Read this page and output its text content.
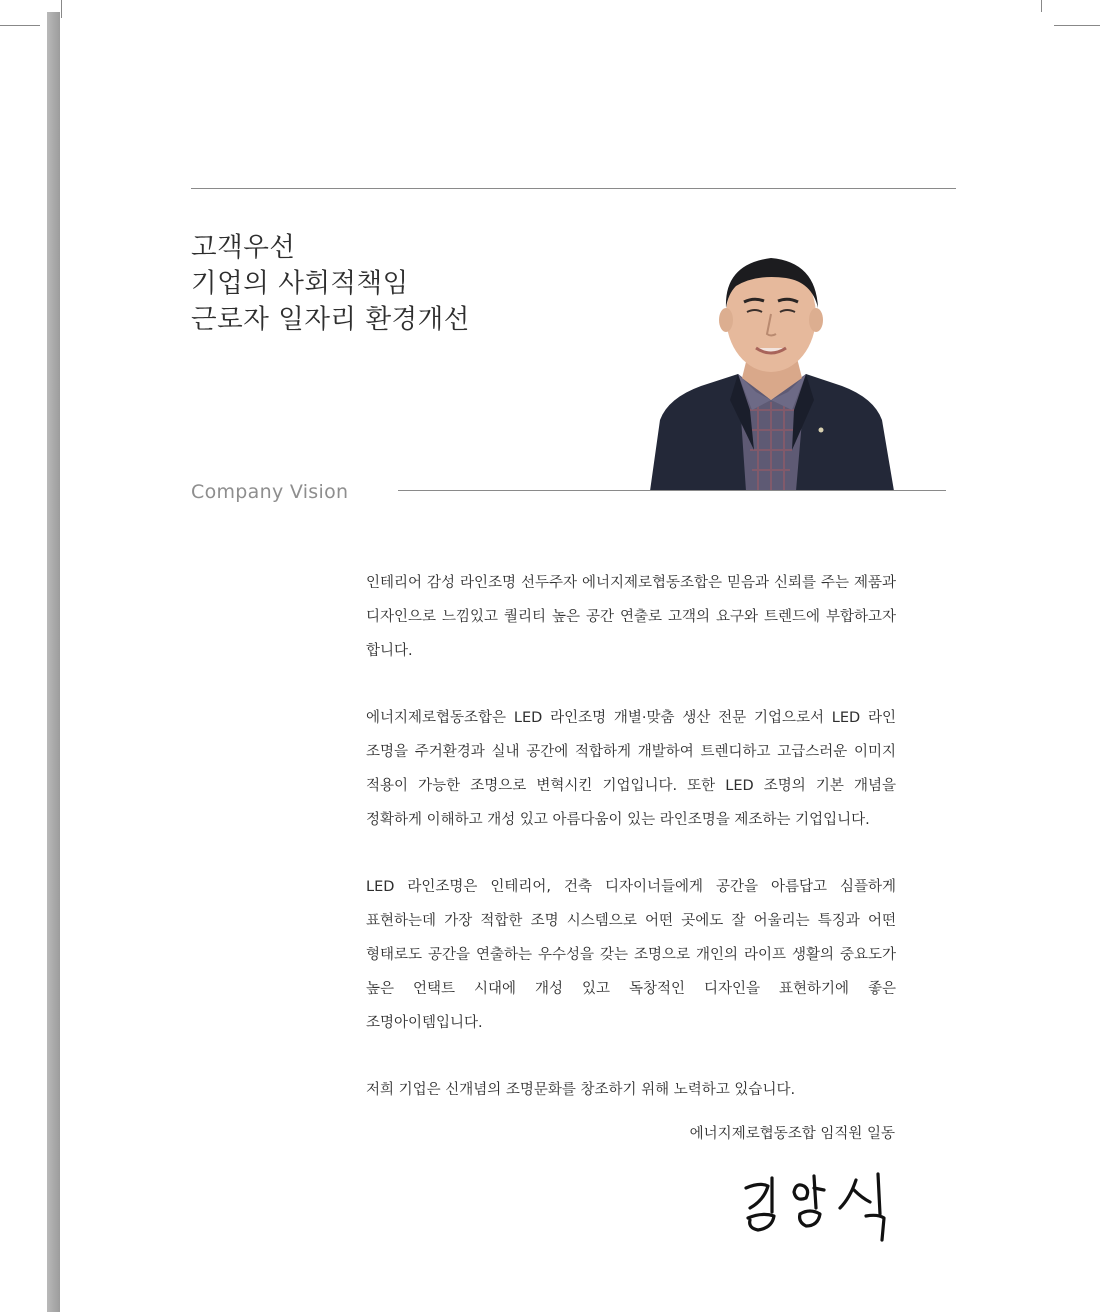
고객우선
기업의 사회적책임
근로자 일자리 환경개선
Company Vision

인테리어 감성 라인조명 선두주자 에너지제로협동조합은 믿음과 신뢰를 주는 제품과 디자인으로 느낌있고 퀄리티 높은 공간 연출로 고객의 요구와 트렌드에 부합하고자 합니다.

에너지제로협동조합은 LED 라인조명 개별·맞춤 생산 전문 기업으로서 LED 라인 조명을 주거환경과 실내 공간에 적합하게 개발하여 트렌디하고 고급스러운 이미지 적용이 가능한 조명으로 변혁시킨 기업입니다. 또한 LED 조명의 기본 개념을 정확하게 이해하고 개성 있고 아름다움이 있는 라인조명을 제조하는 기업입니다.

LED 라인조명은 인테리어, 건축 디자이너들에게 공간을 아름답고 심플하게 표현하는데 가장 적합한 조명 시스템으로 어떤 곳에도 잘 어울리는 특징과 어떤 형태로도 공간을 연출하는 우수성을 갖는 조명으로 개인의 라이프 생활의 중요도가 높은 언택트 시대에 개성 있고 독창적인 디자인을 표현하기에 좋은 조명아이템입니다.

저희 기업은 신개념의 조명문화를 창조하기 위해 노력하고 있습니다.

에너지제로협동조합 임직원 일동
